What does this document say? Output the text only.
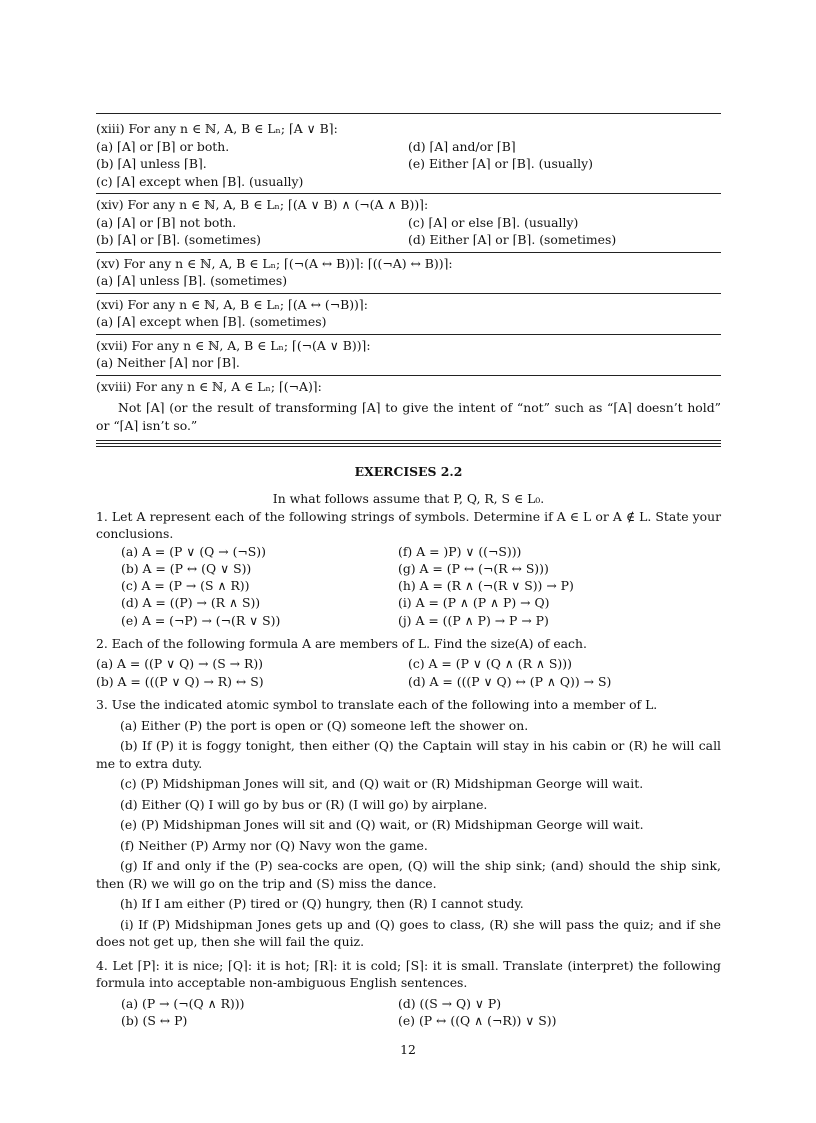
(xiii) For any n ∈ ℕ, A, B ∈ Lₙ; ⌈A ∨ B⌉:
(a) ⌈A⌉ or ⌈B⌉ or both.	(d) ⌈A⌉ and/or ⌈B⌉
(b) ⌈A⌉ unless ⌈B⌉.	(e) Either ⌈A⌉ or ⌈B⌉. (usually)
(c) ⌈A⌉ except when ⌈B⌉. (usually)
(xiv) For any n ∈ ℕ, A, B ∈ Lₙ; ⌈(A ∨ B) ∧ (¬(A ∧ B))⌉:
(a) ⌈A⌉ or ⌈B⌉ not both.	(c) ⌈A⌉ or else ⌈B⌉. (usually)
(b) ⌈A⌉ or ⌈B⌉. (sometimes)	(d) Either ⌈A⌉ or ⌈B⌉. (sometimes)
(xv) For any n ∈ ℕ, A, B ∈ Lₙ; ⌈(¬(A ↔ B))⌉: ⌈((¬A) ↔ B))⌉:
(a) ⌈A⌉ unless ⌈B⌉. (sometimes)
(xvi) For any n ∈ ℕ, A, B ∈ Lₙ; ⌈(A ↔ (¬B))⌉:
(a) ⌈A⌉ except when ⌈B⌉. (sometimes)
(xvii) For any n ∈ ℕ, A, B ∈ Lₙ; ⌈(¬(A ∨ B))⌉:
(a) Neither ⌈A⌉ nor ⌈B⌉.
(xviii) For any n ∈ ℕ, A ∈ Lₙ; ⌈(¬A)⌉:
Not ⌈A⌉ (or the result of transforming ⌈A⌉ to give the intent of “not” such as “⌈A⌉ doesn’t hold” or “⌈A⌉ isn’t so.”
EXERCISES 2.2
In what follows assume that P, Q, R, S ∈ L₀.
1. Let A represent each of the following strings of symbols. Determine if A ∈ L or A ∉ L. State your conclusions.
(a) A = (P ∨ (Q → (¬S))	(f) A = )P) ∨ ((¬S)))
(b) A = (P ↔ (Q ∨ S))	(g) A = (P ↔ (¬(R ↔ S)))
(c) A = (P → (S ∧ R))	(h) A = (R ∧ (¬(R ∨ S)) → P)
(d) A = ((P) → (R ∧ S))	(i) A = (P ∧ (P ∧ P) → Q)
(e) A = (¬P) → (¬(R ∨ S))	(j) A = ((P ∧ P) → P → P)
2. Each of the following formula A are members of L. Find the size(A) of each.
(a) A = ((P ∨ Q) → (S → R))	(c) A = (P ∨ (Q ∧ (R ∧ S)))
(b) A = (((P ∨ Q) → R) ↔ S)	(d) A = (((P ∨ Q) ↔ (P ∧ Q)) → S)
3. Use the indicated atomic symbol to translate each of the following into a member of L.
(a) Either (P) the port is open or (Q) someone left the shower on.
(b) If (P) it is foggy tonight, then either (Q) the Captain will stay in his cabin or (R) he will call me to extra duty.
(c) (P) Midshipman Jones will sit, and (Q) wait or (R) Midshipman George will wait.
(d) Either (Q) I will go by bus or (R) (I will go) by airplane.
(e) (P) Midshipman Jones will sit and (Q) wait, or (R) Midshipman George will wait.
(f) Neither (P) Army nor (Q) Navy won the game.
(g) If and only if the (P) sea-cocks are open, (Q) will the ship sink; (and) should the ship sink, then (R) we will go on the trip and (S) miss the dance.
(h) If I am either (P) tired or (Q) hungry, then (R) I cannot study.
(i) If (P) Midshipman Jones gets up and (Q) goes to class, (R) she will pass the quiz; and if she does not get up, then she will fail the quiz.
4. Let ⌈P⌉: it is nice; ⌈Q⌉: it is hot; ⌈R⌉: it is cold; ⌈S⌉: it is small. Translate (interpret) the following formula into acceptable non-ambiguous English sentences.
(a) (P → (¬(Q ∧ R)))	(d) ((S → Q) ∨ P)
(b) (S ↔ P)	(e) (P ↔ ((Q ∧ (¬R)) ∨ S))
12
